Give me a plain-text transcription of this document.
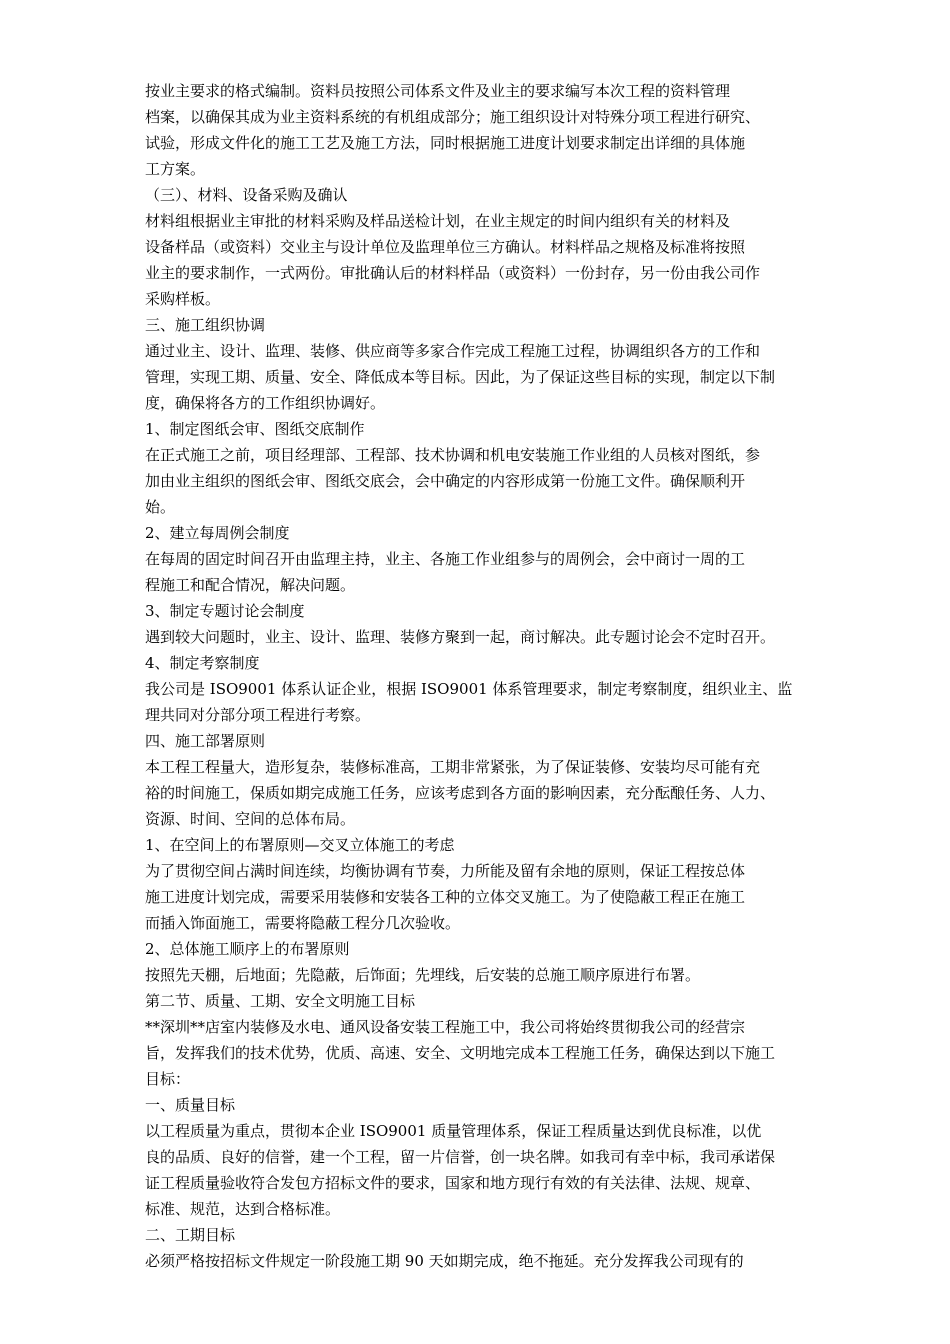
按业主要求的格式编制。资料员按照公司体系文件及业主的要求编写本次工程的资料管理
档案，以确保其成为业主资料系统的有机组成部分；施工组织设计对特殊分项工程进行研究、
试验，形成文件化的施工工艺及施工方法，同时根据施工进度计划要求制定出详细的具体施
工方案。
（三）、材料、设备采购及确认
材料组根据业主审批的材料采购及样品送检计划，在业主规定的时间内组织有关的材料及
设备样品（或资料）交业主与设计单位及监理单位三方确认。材料样品之规格及标准将按照
业主的要求制作，一式两份。审批确认后的材料样品（或资料）一份封存，另一份由我公司作
采购样板。
三、施工组织协调
通过业主、设计、监理、装修、供应商等多家合作完成工程施工过程，协调组织各方的工作和
管理，实现工期、质量、安全、降低成本等目标。因此，为了保证这些目标的实现，制定以下制
度，确保将各方的工作组织协调好。
1、制定图纸会审、图纸交底制作
在正式施工之前，项目经理部、工程部、技术协调和机电安装施工作业组的人员核对图纸，参
加由业主组织的图纸会审、图纸交底会，会中确定的内容形成第一份施工文件。确保顺利开
始。
2、建立每周例会制度
在每周的固定时间召开由监理主持，业主、各施工作业组参与的周例会，会中商讨一周的工
程施工和配合情况，解决问题。
3、制定专题讨论会制度
遇到较大问题时，业主、设计、监理、装修方聚到一起，商讨解决。此专题讨论会不定时召开。
4、制定考察制度
我公司是 ISO9001 体系认证企业，根据 ISO9001 体系管理要求，制定考察制度，组织业主、监
理共同对分部分项工程进行考察。
四、施工部署原则
本工程工程量大，造形复杂，装修标准高，工期非常紧张，为了保证装修、安装均尽可能有充
裕的时间施工，保质如期完成施工任务，应该考虑到各方面的影响因素，充分酝酿任务、人力、
资源、时间、空间的总体布局。
1、在空间上的布署原则—交叉立体施工的考虑
为了贯彻空间占满时间连续，均衡协调有节奏，力所能及留有余地的原则，保证工程按总体
施工进度计划完成，需要采用装修和安装各工种的立体交叉施工。为了使隐蔽工程正在施工
而插入饰面施工，需要将隐蔽工程分几次验收。
2、总体施工顺序上的布署原则
按照先天棚，后地面；先隐蔽，后饰面；先埋线，后安装的总施工顺序原进行布署。
第二节、质量、工期、安全文明施工目标
**深圳**店室内装修及水电、通风设备安装工程施工中，我公司将始终贯彻我公司的经营宗
旨，发挥我们的技术优势，优质、高速、安全、文明地完成本工程施工任务，确保达到以下施工
目标：
一、质量目标
以工程质量为重点，贯彻本企业 ISO9001 质量管理体系，保证工程质量达到优良标准，以优
良的品质、良好的信誉，建一个工程，留一片信誉，创一块名牌。如我司有幸中标，我司承诺保
证工程质量验收符合发包方招标文件的要求，国家和地方现行有效的有关法律、法规、规章、
标准、规范，达到合格标准。
二、工期目标
必须严格按招标文件规定一阶段施工期 90 天如期完成，绝不拖延。充分发挥我公司现有的
